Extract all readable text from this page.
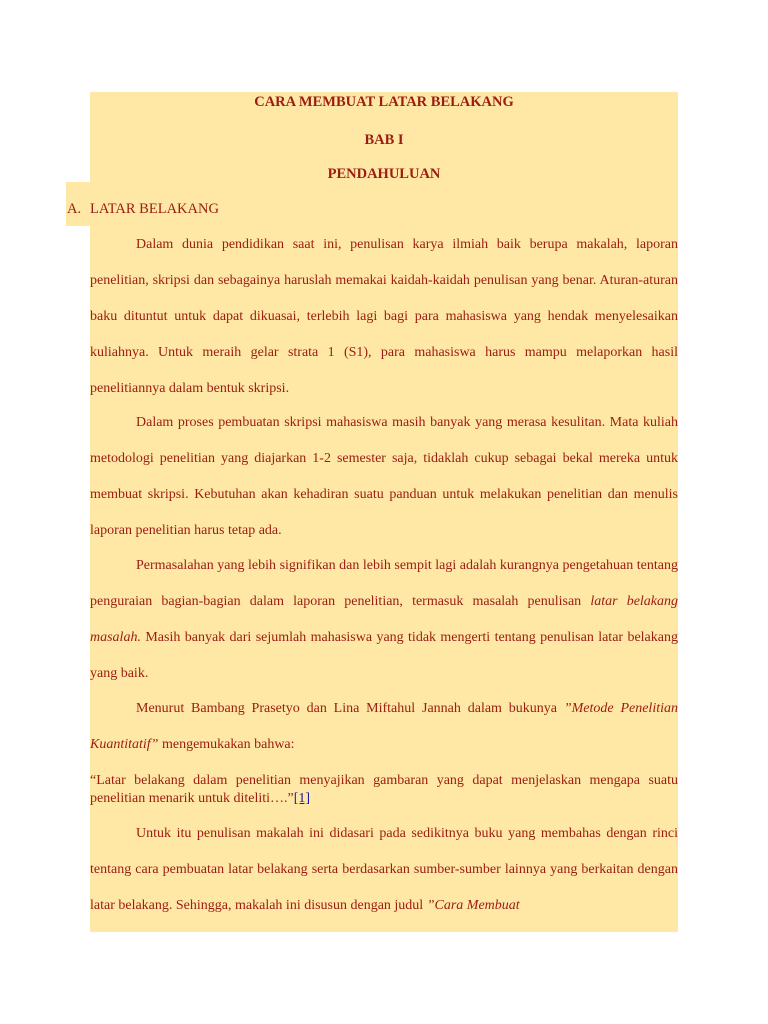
CARA MEMBUAT LATAR BELAKANG
BAB I
PENDAHULUAN
A. LATAR BELAKANG

Dalam dunia pendidikan saat ini, penulisan karya ilmiah baik berupa makalah, laporan penelitian, skripsi dan sebagainya haruslah memakai kaidah-kaidah penulisan yang benar. Aturan-aturan baku dituntut untuk dapat dikuasai, terlebih lagi bagi para mahasiswa yang hendak menyelesaikan kuliahnya. Untuk meraih gelar strata 1 (S1), para mahasiswa harus mampu melaporkan hasil penelitiannya dalam bentuk skripsi.

Dalam proses pembuatan skripsi mahasiswa masih banyak yang merasa kesulitan. Mata kuliah metodologi penelitian yang diajarkan 1-2 semester saja, tidaklah cukup sebagai bekal mereka untuk membuat skripsi. Kebutuhan akan kehadiran suatu panduan untuk melakukan penelitian dan menulis laporan penelitian harus tetap ada.

Permasalahan yang lebih signifikan dan lebih sempit lagi adalah kurangnya pengetahuan tentang penguraian bagian-bagian dalam laporan penelitian, termasuk masalah penulisan latar belakang masalah. Masih banyak dari sejumlah mahasiswa yang tidak mengerti tentang penulisan latar belakang yang baik.

Menurut Bambang Prasetyo dan Lina Miftahul Jannah dalam bukunya ”Metode Penelitian Kuantitatif” mengemukakan bahwa:

“Latar belakang dalam penelitian menyajikan gambaran yang dapat menjelaskan mengapa suatu penelitian menarik untuk diteliti….”[1]

Untuk itu penulisan makalah ini didasari pada sedikitnya buku yang membahas dengan rinci tentang cara pembuatan latar belakang serta berdasarkan sumber-sumber lainnya yang berkaitan dengan latar belakang. Sehingga, makalah ini disusun dengan judul ”Cara Membuat
